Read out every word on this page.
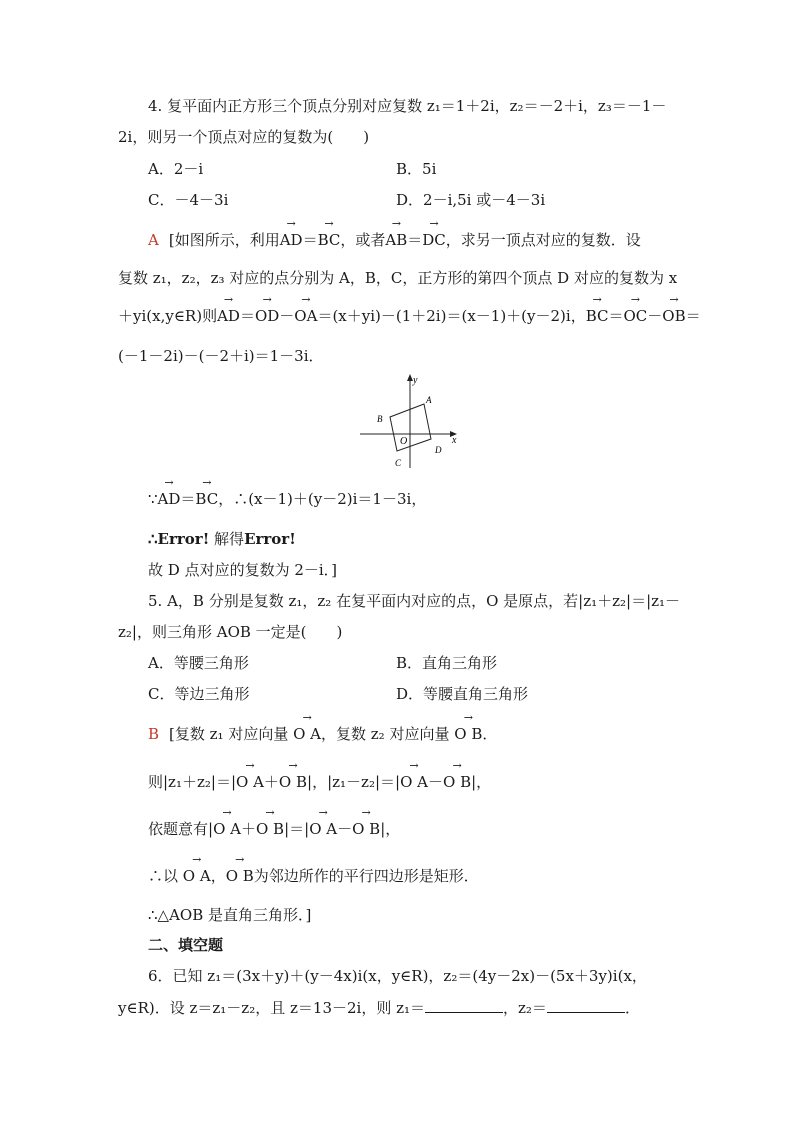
4. 复平面内正方形三个顶点分别对应复数 z₁＝1＋2i，z₂＝－2＋i，z₃＝－1－
2i，则另一个顶点对应的复数为(　　)
A．2－i	B．5i
C．－4－3i	D．2－i,5i 或－4－3i
A [如图所示，利用→ AD＝→ BC，或者→ AB＝→ DC，求另一顶点对应的复数．设
复数 z₁，z₂，z₃ 对应的点分别为 A，B，C，正方形的第四个顶点 D 对应的复数为 x
＋yi(x,y∈R)则→ AD＝→ OD－→ OA＝(x＋yi)－(1＋2i)＝(x－1)＋(y－2)i，→ BC＝→ OC－→ OB＝
(－1－2i)－(－2＋i)＝1－3i．
y
x
O
A
B
C
D
∵→ AD＝→ BC，∴(x－1)＋(y－2)i＝1－3i，
∴Error! 解得Error!
故 D 点对应的复数为 2－i．]
5. A，B 分别是复数 z₁，z₂ 在复平面内对应的点，O 是原点，若|z₁＋z₂|＝|z₁－
z₂|，则三角形 AOB 一定是(　　)
A．等腰三角形	B．直角三角形
C．等边三角形	D．等腰直角三角形
B [复数 z₁ 对应向量 → O A，复数 z₂ 对应向量 → O B．
则|z₁＋z₂|＝|→ O A＋→ O B|，|z₁－z₂|＝|→ O A－→ O B|，
依题意有|→ O A＋→ O B|＝|→ O A－→ O B|，
∴以 → O A，→ O B为邻边所作的平行四边形是矩形．
∴△AOB 是直角三角形．]
二、填空题
6．已知 z₁＝(3x＋y)＋(y－4x)i(x，y∈R)，z₂＝(4y－2x)－(5x＋3y)i(x，
y∈R)．设 z＝z₁－z₂，且 z＝13－2i，则 z₁＝	，z₂＝	．
